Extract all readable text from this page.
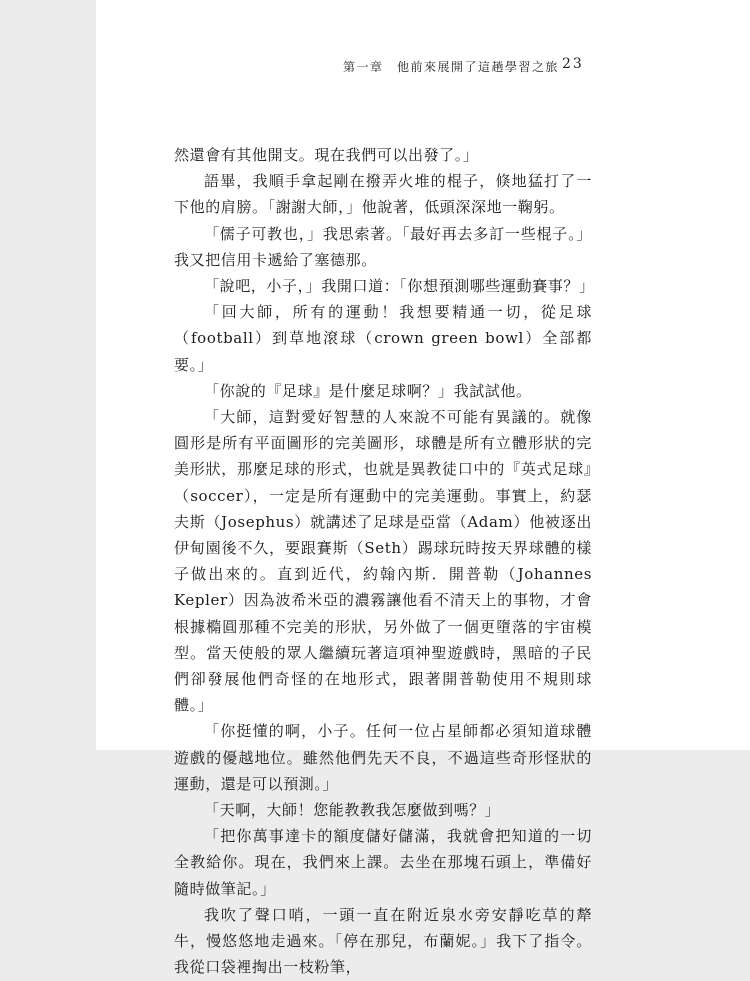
第一章　他前來展開了這趟學習之旅 23

然還會有其他開支。現在我們可以出發了。」

語畢，我順手拿起剛在撥弄火堆的棍子，倏地猛打了一下他的肩膀。「謝謝大師，」他說著，低頭深深地一鞠躬。

「儒子可教也，」我思索著。「最好再去多訂一些棍子。」我又把信用卡遞給了塞德那。

「說吧，小子，」我開口道：「你想預測哪些運動賽事？」

「回大師，所有的運動！我想要精通一切，從足球（football）到草地滾球（crown green bowl）全部都要。」

「你說的『足球』是什麼足球啊？」我試試他。

「大師，這對愛好智慧的人來說不可能有異議的。就像圓形是所有平面圖形的完美圖形，球體是所有立體形狀的完美形狀，那麼足球的形式，也就是異教徒口中的『英式足球』（soccer），一定是所有運動中的完美運動。事實上，約瑟夫斯（Josephus）就講述了足球是亞當（Adam）他被逐出伊甸園後不久，要跟賽斯（Seth）踢球玩時按天界球體的樣子做出來的。直到近代，約翰內斯．開普勒（Johannes Kepler）因為波希米亞的濃霧讓他看不清天上的事物，才會根據橢圓那種不完美的形狀，另外做了一個更墮落的宇宙模型。當天使般的眾人繼續玩著這項神聖遊戲時，黑暗的子民們卻發展他們奇怪的在地形式，跟著開普勒使用不規則球體。」

「你挺懂的啊，小子。任何一位占星師都必須知道球體遊戲的優越地位。雖然他們先天不良，不過這些奇形怪狀的運動，還是可以預測。」

「天啊，大師！您能教教我怎麼做到嗎？」

「把你萬事達卡的額度儲好儲滿，我就會把知道的一切全教給你。現在，我們來上課。去坐在那塊石頭上，準備好隨時做筆記。」

我吹了聲口哨，一頭一直在附近泉水旁安靜吃草的犛牛，慢悠悠地走過來。「停在那兒，布蘭妮。」我下了指令。我從口袋裡掏出一枝粉筆，
